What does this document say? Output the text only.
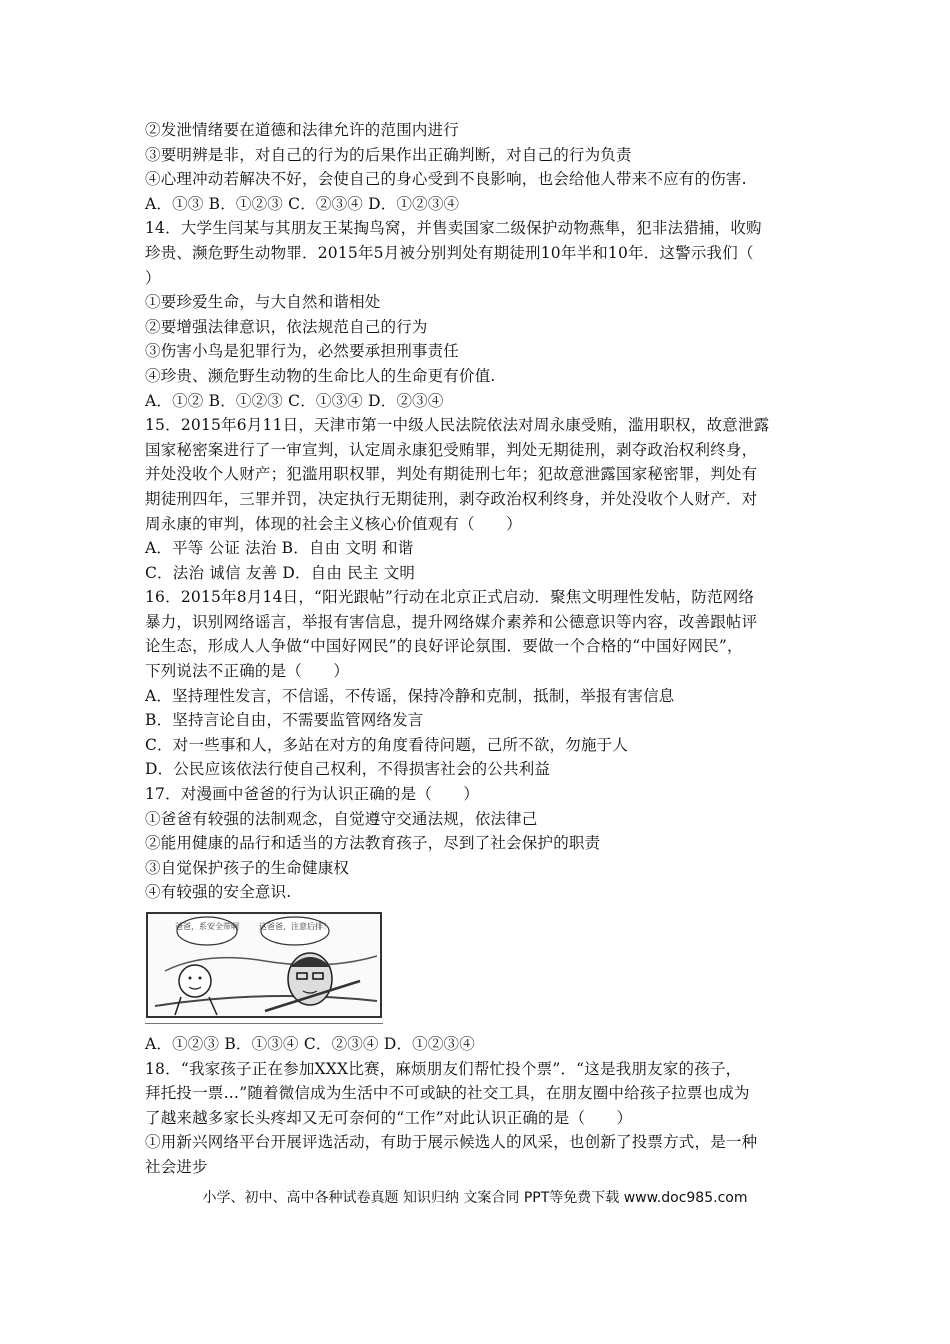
②发泄情绪要在道德和法律允许的范围内进行
③要明辨是非，对自己的行为的后果作出正确判断，对自己的行为负责
④心理冲动若解决不好，会使自己的身心受到不良影响，也会给他人带来不应有的伤害.
A．①③ B．①②③ C．②③④ D．①②③④
14．大学生闫某与其朋友王某掏鸟窝，并售卖国家二级保护动物燕隼，犯非法猎捕，收购
珍贵、濒危野生动物罪．2015年5月被分别判处有期徒刑10年半和10年．这警示我们（
）
①要珍爱生命，与大自然和谐相处
②要增强法律意识，依法规范自己的行为
③伤害小鸟是犯罪行为，必然要承担刑事责任
④珍贵、濒危野生动物的生命比人的生命更有价值.
A．①② B．①②③ C．①③④ D．②③④
15．2015年6月11日，天津市第一中级人民法院依法对周永康受贿，滥用职权，故意泄露
国家秘密案进行了一审宣判，认定周永康犯受贿罪，判处无期徒刑，剥夺政治权利终身，
并处没收个人财产；犯滥用职权罪，判处有期徒刑七年；犯故意泄露国家秘密罪，判处有
期徒刑四年，三罪并罚，决定执行无期徒刑，剥夺政治权利终身，并处没收个人财产．对
周永康的审判，体现的社会主义核心价值观有（　　）
A．平等 公证 法治 B．自由 文明 和谐
C．法治 诚信 友善 D．自由 民主 文明
16．2015年8月14日，“阳光跟帖”行动在北京正式启动．聚焦文明理性发帖，防范网络
暴力，识别网络谣言，举报有害信息，提升网络媒介素养和公德意识等内容，改善跟帖评
论生态，形成人人争做“中国好网民”的良好评论氛围．要做一个合格的“中国好网民”，
下列说法不正确的是（　　）
A．坚持理性发言，不信谣，不传谣，保持冷静和克制，抵制，举报有害信息
B．坚持言论自由，不需要监管网络发言
C．对一些事和人，多站在对方的角度看待问题，己所不欲，勿施于人
D．公民应该依法行使自己权利，不得损害社会的公共利益
17．对漫画中爸爸的行为认识正确的是（　　）
①爸爸有较强的法制观念，自觉遵守交通法规，依法律己
②能用健康的品行和适当的方法教育孩子，尽到了社会保护的职责
③自觉保护孩子的生命健康权
④有较强的安全意识.
爸爸，系安全带啊	这爸爸，注意后排！
A．①②③ B．①③④ C．②③④ D．①②③④
18．“我家孩子正在参加XXX比赛，麻烦朋友们帮忙投个票”．“这是我朋友家的孩子，
拜托投一票…”随着微信成为生活中不可或缺的社交工具，在朋友圈中给孩子拉票也成为
了越来越多家长头疼却又无可奈何的“工作”对此认识正确的是（　　）
①用新兴网络平台开展评选活动，有助于展示候选人的风采，也创新了投票方式，是一种
社会进步
小学、初中、高中各种试卷真题 知识归纳 文案合同 PPT等免费下载 www.doc985.com
